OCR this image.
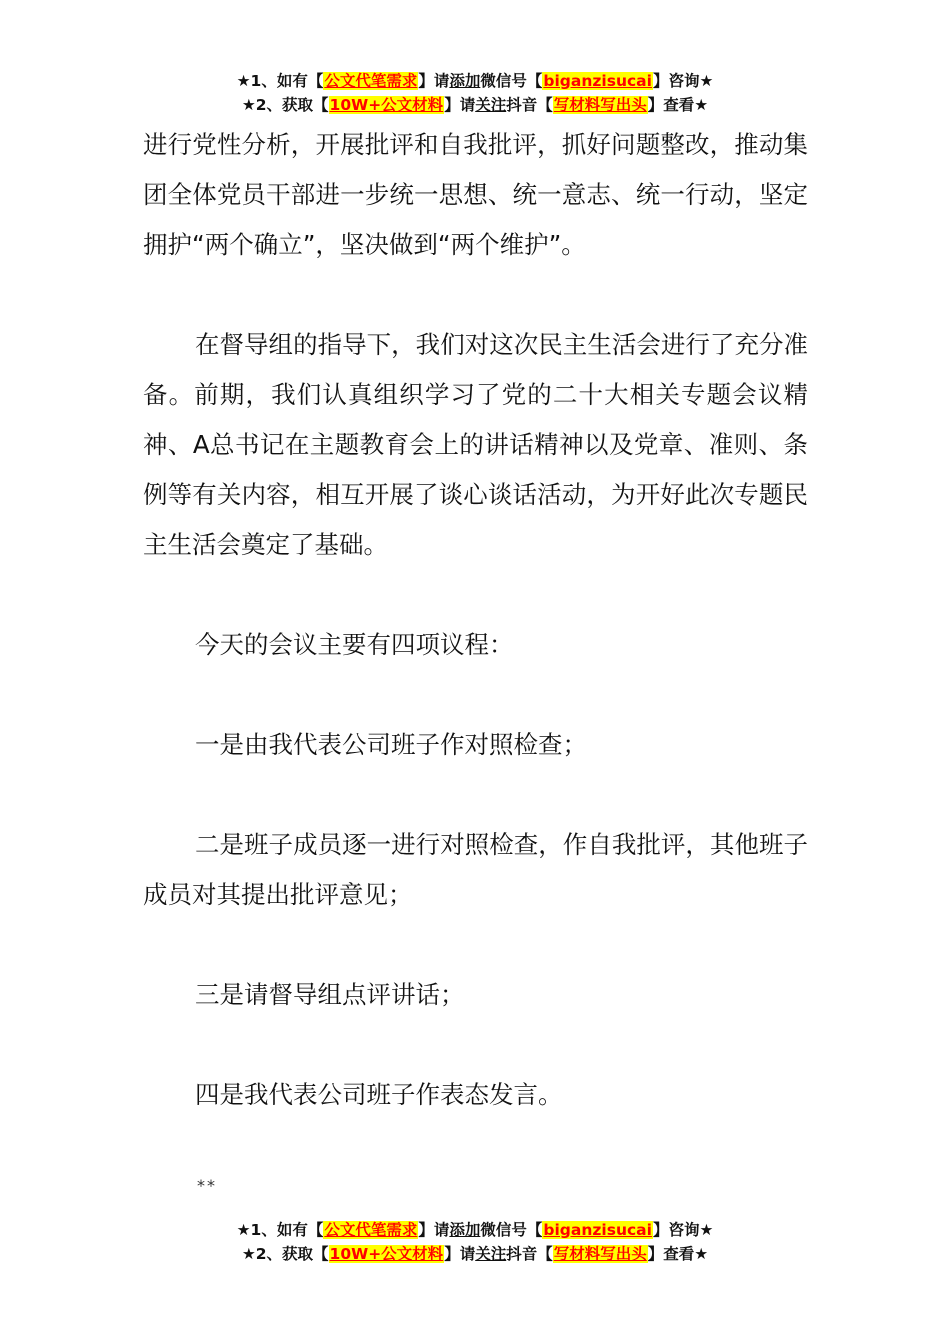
★1、如有【公文代笔需求】请添加微信号【biganzisucai】咨询★
★2、获取【10W+公文材料】请关注抖音【写材料写出头】查看★

进行党性分析，开展批评和自我批评，抓好问题整改，推动集团全体党员干部进一步统一思想、统一意志、统一行动，坚定拥护“两个确立”，坚决做到“两个维护”。

在督导组的指导下，我们对这次民主生活会进行了充分准备。前期，我们认真组织学习了党的二十大相关专题会议精神、A总书记在主题教育会上的讲话精神以及党章、准则、条例等有关内容，相互开展了谈心谈话活动，为开好此次专题民主生活会奠定了基础。

今天的会议主要有四项议程：

一是由我代表公司班子作对照检查；

二是班子成员逐一进行对照检查，作自我批评，其他班子成员对其提出批评意见；

三是请督导组点评讲话；

四是我代表公司班子作表态发言。

**
★1、如有【公文代笔需求】请添加微信号【biganzisucai】咨询★
★2、获取【10W+公文材料】请关注抖音【写材料写出头】查看★
